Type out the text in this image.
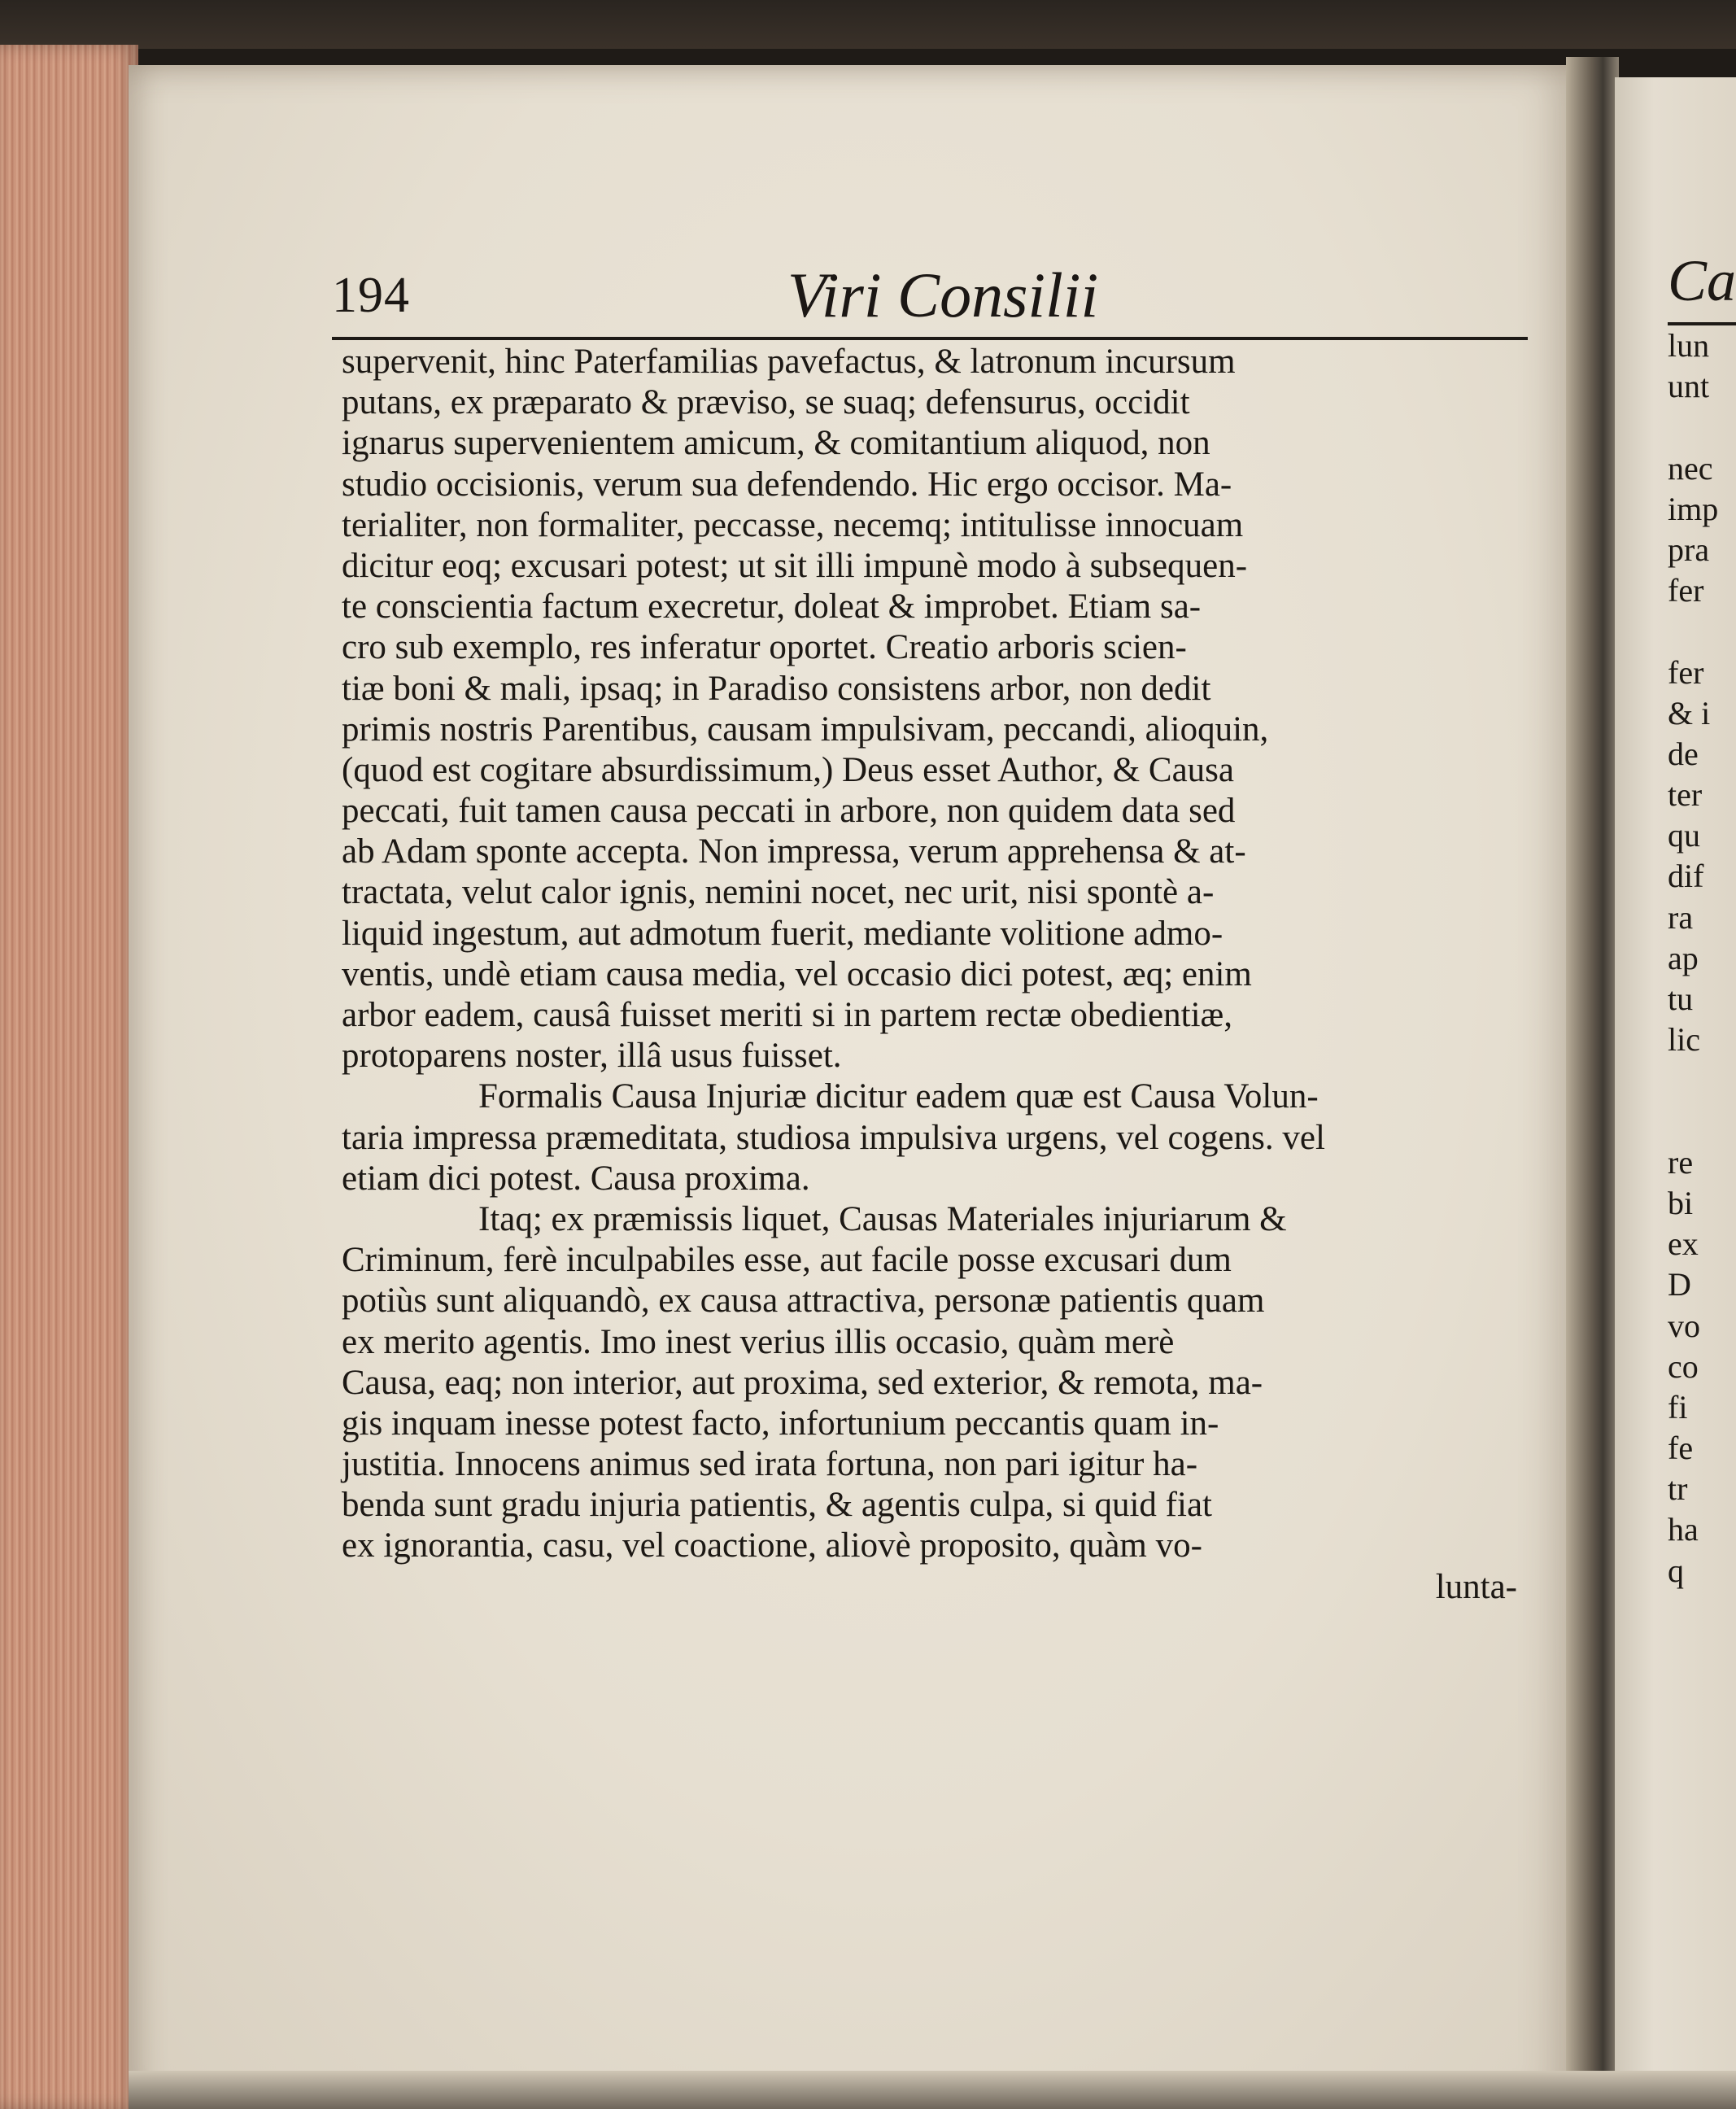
194	Viri Consilii
supervenit, hinc Paterfamilias pavefactus, & latronum incursum
putans, ex præparato & præviso, se suaq; defensurus, occidit
ignarus supervenientem amicum, & comitantium aliquod, non
studio occisionis, verum sua defendendo. Hic ergo occisor. Ma-
terialiter, non formaliter, peccasse, necemq; intitulisse innocuam
dicitur eoq; excusari potest; ut sit illi impunè modo à subsequen-
te conscientia factum execretur, doleat & improbet. Etiam sa-
cro sub exemplo, res inferatur oportet. Creatio arboris scien-
tiæ boni & mali, ipsaq; in Paradiso consistens arbor, non dedit
primis nostris Parentibus, causam impulsivam, peccandi, alioquin,
(quod est cogitare absurdissimum,) Deus esset Author, & Causa
peccati, fuit tamen causa peccati in arbore, non quidem data sed
ab Adam sponte accepta. Non impressa, verum apprehensa & at-
tractata, velut calor ignis, nemini nocet, nec urit, nisi spontè a-
liquid ingestum, aut admotum fuerit, mediante volitione admo-
ventis, undè etiam causa media, vel occasio dici potest, æq; enim
arbor eadem, causâ fuisset meriti si in partem rectæ obedientiæ,
protoparens noster, illâ usus fuisset.
Formalis Causa Injuriæ dicitur eadem quæ est Causa Volun-
taria impressa præmeditata, studiosa impulsiva urgens, vel cogens. vel
etiam dici potest. Causa proxima.
Itaq; ex præmissis liquet, Causas Materiales injuriarum &
Criminum, ferè inculpabiles esse, aut facile posse excusari dum
potiùs sunt aliquandò, ex causa attractiva, personæ patientis quam
ex merito agentis. Imo inest verius illis occasio, quàm merè
Causa, eaq; non interior, aut proxima, sed exterior, & remota, ma-
gis inquam inesse potest facto, infortunium peccantis quam in-
justitia. Innocens animus sed irata fortuna, non pari igitur ha-
benda sunt gradu injuria patientis, & agentis culpa, si quid fiat
ex ignorantia, casu, vel coactione, aliovè proposito, quàm vo-
lunta-
Ca
lun
unt
nec
imp
pra
fer
fer
& i
de
ter
qu
dif
ra
ap
tu
lic
re
bi
ex
D
vo
co
fi
fe
tr
ha
q
